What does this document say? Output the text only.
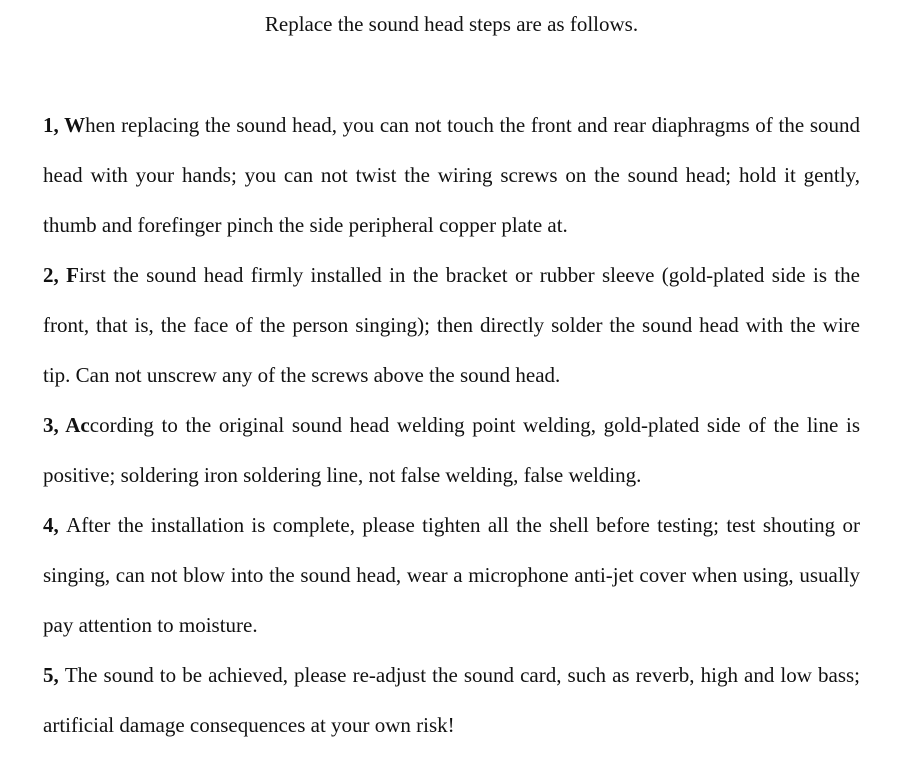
Replace the sound head steps are as follows.
1, When replacing the sound head, you can not touch the front and rear diaphragms of the sound head with your hands; you can not twist the wiring screws on the sound head; hold it gently, thumb and forefinger pinch the side peripheral copper plate at.
2, First the sound head firmly installed in the bracket or rubber sleeve (gold-plated side is the front, that is, the face of the person singing); then directly solder the sound head with the wire tip. Can not unscrew any of the screws above the sound head.
3, According to the original sound head welding point welding, gold-plated side of the line is positive; soldering iron soldering line, not false welding, false welding.
4, After the installation is complete, please tighten all the shell before testing; test shouting or singing, can not blow into the sound head, wear a microphone anti-jet cover when using, usually pay attention to moisture.
5, The sound to be achieved, please re-adjust the sound card, such as reverb, high and low bass; artificial damage consequences at your own risk!
